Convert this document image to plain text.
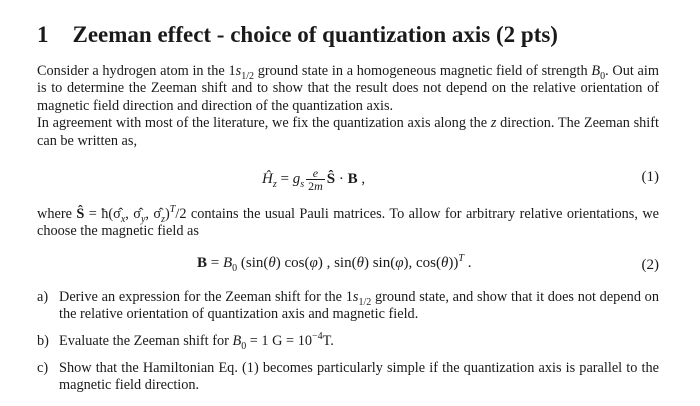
1 Zeeman effect - choice of quantization axis (2 pts)

Consider a hydrogen atom in the $1s_{1/2}$ ground state in a homogeneous magnetic field of strength $B_0$. Out aim is to determine the Zeeman shift and to show that the result does not depend on the relative orientation of magnetic field direction and direction of the quantization axis.

In agreement with most of the literature, we fix the quantization axis along the z direction. The Zeeman shift can be written as,

$Ĥ_z = g_s \frac{e}{2m}$ Ŝ · B ,	(1)

where Ŝ = $ħ(\sigmâ_x$, $\sigmâ_y$, $\sigmâ_z)^T/2$ contains the usual Pauli matrices. To allow for arbitrary relative orientations, we choose the magnetic field as

$B = B_0$ (sin(θ) cos(φ) , sin(θ) sin(φ), cos(θ))$^T$ .	(2)
a) Derive an expression for the Zeeman shift for the $1s_{1/2}$ ground state, and show that it does not depend on the relative orientation of quantization axis and magnetic field.
b) Evaluate the Zeeman shift for $B_0 = 1$ $G = 10^{-4}T$.
c) Show that the Hamiltonian Eq. (1) becomes particularly simple if the quantization axis is parallel to the magnetic field direction.
